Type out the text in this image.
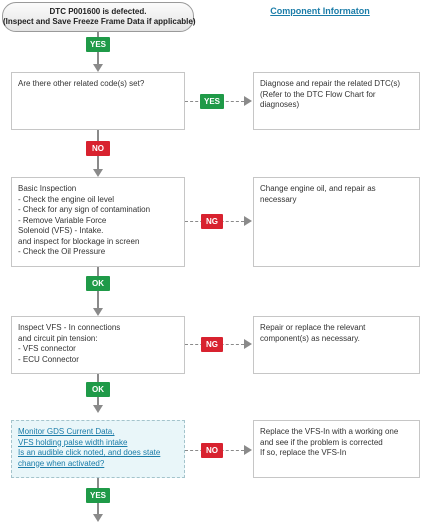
DTC P001600 is defected.
(Inspect and Save Freeze Frame Data if applicable)
Component Informaton
YES
Are there other related code(s) set?
YES
Diagnose and repair the related DTC(s)
(Refer to the DTC Flow Chart for
diagnoses)
NO
Basic Inspection
- Check the engine oil level
- Check for any sign of contamination
- Remove Variable Force
Solenoid (VFS) - Intake.
and inspect for blockage in screen
- Check the Oil Pressure
NG
Change engine oil, and repair as
necessary
OK
Inspect VFS - In connections
and circuit pin tension:
- VFS connector
- ECU Connector
NG
Repair or replace the relevant
component(s) as necessary.
OK
Monitor GDS Current Data,
VFS holding palse width intake
Is an audible click noted, and does state
change when activated?
NO
Replace the VFS-In with a working one
and see if the problem is corrected
If so, replace the VFS-In
YES
